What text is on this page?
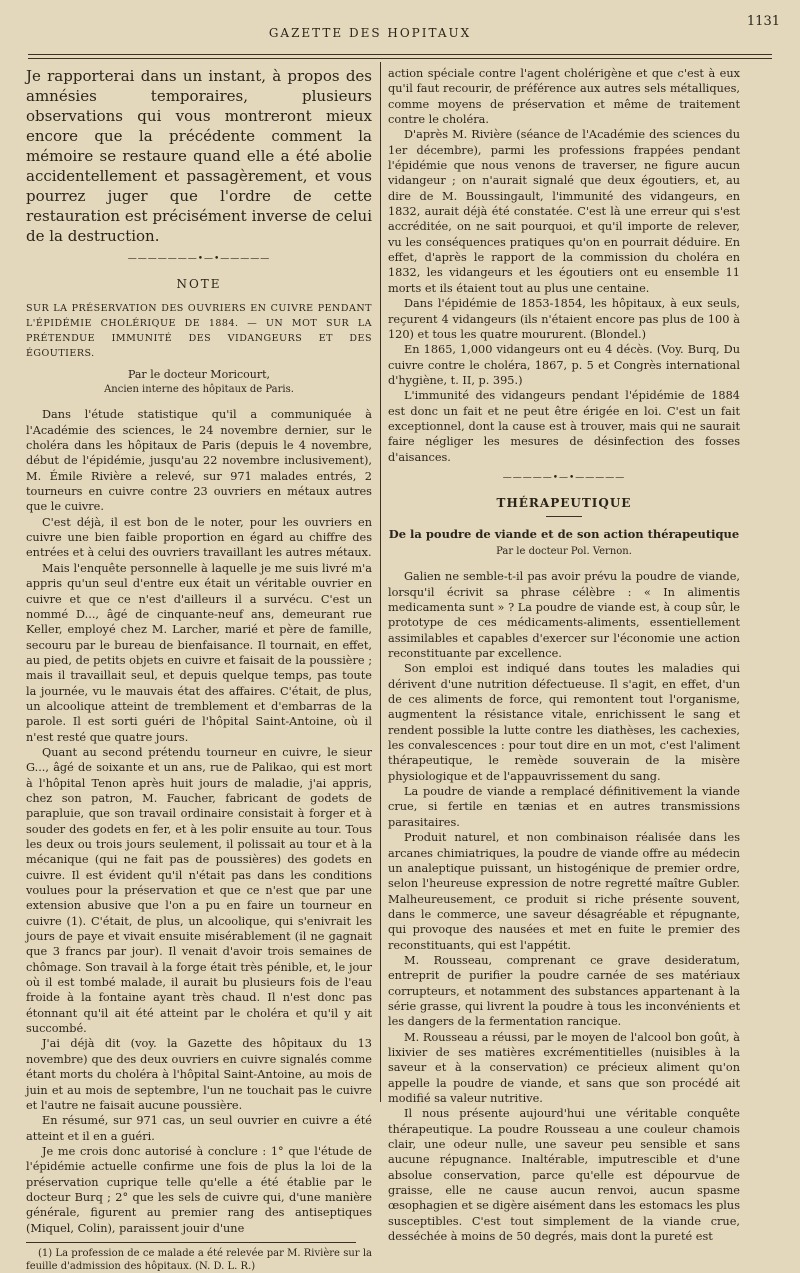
GAZETTE DES HOPITAUX
1131

Je rapporterai dans un instant, à propos des amnésies temporaires, plusieurs observations qui vous montreront mieux encore que la précédente comment la mémoire se restaure quand elle a été abolie accidentellement et passagèrement, et vous pourrez juger que l'ordre de cette restauration est précisément inverse de celui de la destruction.

———————•—•—————
NOTE
SUR LA PRÉSERVATION DES OUVRIERS EN CUIVRE PENDANT L'ÉPIDÉMIE CHOLÉRIQUE DE 1884. — UN MOT SUR LA PRÉTENDUE IMMUNITÉ DES VIDANGEURS ET DES ÉGOUTIERS.
Par le docteur Moricourt,
Ancien interne des hôpitaux de Paris.

Dans l'étude statistique qu'il a communiquée à l'Académie des sciences, le 24 novembre dernier, sur le choléra dans les hôpitaux de Paris (depuis le 4 novembre, début de l'épidémie, jusqu'au 22 novembre inclusivement), M. Émile Rivière a relevé, sur 971 malades entrés, 2 tourneurs en cuivre contre 23 ouvriers en métaux autres que le cuivre.

C'est déjà, il est bon de le noter, pour les ouvriers en cuivre une bien faible proportion en égard au chiffre des entrées et à celui des ouvriers travaillant les autres métaux.

Mais l'enquête personnelle à laquelle je me suis livré m'a appris qu'un seul d'entre eux était un véritable ouvrier en cuivre et que ce n'est d'ailleurs il a survécu. C'est un nommé D..., âgé de cinquante-neuf ans, demeurant rue Keller, employé chez M. Larcher, marié et père de famille, secouru par le bureau de bienfaisance. Il tournait, en effet, au pied, de petits objets en cuivre et faisait de la poussière ; mais il travaillait seul, et depuis quelque temps, pas toute la journée, vu le mauvais état des affaires. C'était, de plus, un alcoolique atteint de tremblement et d'embarras de la parole. Il est sorti guéri de l'hôpital Saint-Antoine, où il n'est resté que quatre jours.

Quant au second prétendu tourneur en cuivre, le sieur G..., âgé de soixante et un ans, rue de Palikao, qui est mort à l'hôpital Tenon après huit jours de maladie, j'ai appris, chez son patron, M. Faucher, fabricant de godets de parapluie, que son travail ordinaire consistait à forger et à souder des godets en fer, et à les polir ensuite au tour. Tous les deux ou trois jours seulement, il polissait au tour et à la mécanique (qui ne fait pas de poussières) des godets en cuivre. Il est évident qu'il n'était pas dans les conditions voulues pour la préservation et que ce n'est que par une extension abusive que l'on a pu en faire un tourneur en cuivre (1). C'était, de plus, un alcoolique, qui s'enivrait les jours de paye et vivait ensuite misérablement (il ne gagnait que 3 francs par jour). Il venait d'avoir trois semaines de chômage. Son travail à la forge était très pénible, et, le jour où il est tombé malade, il aurait bu plusieurs fois de l'eau froide à la fontaine ayant très chaud. Il n'est donc pas étonnant qu'il ait été atteint par le choléra et qu'il y ait succombé.

J'ai déjà dit (voy. la Gazette des hôpitaux du 13 novembre) que des deux ouvriers en cuivre signalés comme étant morts du choléra à l'hôpital Saint-Antoine, au mois de juin et au mois de septembre, l'un ne touchait pas le cuivre et l'autre ne faisait aucune poussière.

En résumé, sur 971 cas, un seul ouvrier en cuivre a été atteint et il en a guéri.

Je me crois donc autorisé à conclure : 1° que l'étude de l'épidémie actuelle confirme une fois de plus la loi de la préservation cuprique telle qu'elle a été établie par le docteur Burq ; 2° que les sels de cuivre qui, d'une manière générale, figurent au premier rang des antiseptiques (Miquel, Colin), paraissent jouir d'une

(1) La profession de ce malade a été relevée par M. Rivière sur la feuille d'admission des hôpitaux. (N. D. L. R.)

action spéciale contre l'agent cholérigène et que c'est à eux qu'il faut recourir, de préférence aux autres sels métalliques, comme moyens de préservation et même de traitement contre le choléra.

D'après M. Rivière (séance de l'Académie des sciences du 1er décembre), parmi les professions frappées pendant l'épidémie que nous venons de traverser, ne figure aucun vidangeur ; on n'aurait signalé que deux égoutiers, et, au dire de M. Boussingault, l'immunité des vidangeurs, en 1832, aurait déjà été constatée. C'est là une erreur qui s'est accréditée, on ne sait pourquoi, et qu'il importe de relever, vu les conséquences pratiques qu'on en pourrait déduire. En effet, d'après le rapport de la commission du choléra en 1832, les vidangeurs et les égoutiers ont eu ensemble 11 morts et ils étaient tout au plus une centaine.

Dans l'épidémie de 1853-1854, les hôpitaux, à eux seuls, reçurent 4 vidangeurs (ils n'étaient encore pas plus de 100 à 120) et tous les quatre moururent. (Blondel.)

En 1865, 1,000 vidangeurs ont eu 4 décès. (Voy. Burq, Du cuivre contre le choléra, 1867, p. 5 et Congrès international d'hygiène, t. II, p. 395.)

L'immunité des vidangeurs pendant l'épidémie de 1884 est donc un fait et ne peut être érigée en loi. C'est un fait exceptionnel, dont la cause est à trouver, mais qui ne saurait faire négliger les mesures de désinfection des fosses d'aisances.

—————•—•—————
THÉRAPEUTIQUE
De la poudre de viande et de son action thérapeutique
Par le docteur Pol. Vernon.

Galien ne semble-t-il pas avoir prévu la poudre de viande, lorsqu'il écrivit sa phrase célèbre : « In alimentis medicamenta sunt » ? La poudre de viande est, à coup sûr, le prototype de ces médicaments-aliments, essentiellement assimilables et capables d'exercer sur l'économie une action reconstituante par excellence.

Son emploi est indiqué dans toutes les maladies qui dérivent d'une nutrition défectueuse. Il s'agit, en effet, d'un de ces aliments de force, qui remontent tout l'organisme, augmentent la résistance vitale, enrichissent le sang et rendent possible la lutte contre les diathèses, les cachexies, les convalescences : pour tout dire en un mot, c'est l'aliment thérapeutique, le remède souverain de la misère physiologique et de l'appauvrissement du sang.

La poudre de viande a remplacé définitivement la viande crue, si fertile en tænias et en autres transmissions parasitaires.

Produit naturel, et non combinaison réalisée dans les arcanes chimiatriques, la poudre de viande offre au médecin un analeptique puissant, un histogénique de premier ordre, selon l'heureuse expression de notre regretté maître Gubler. Malheureusement, ce produit si riche présente souvent, dans le commerce, une saveur désagréable et répugnante, qui provoque des nausées et met en fuite le premier des reconstituants, qui est l'appétit.

M. Rousseau, comprenant ce grave desideratum, entreprit de purifier la poudre carnée de ses matériaux corrupteurs, et notamment des substances appartenant à la série grasse, qui livrent la poudre à tous les inconvénients et les dangers de la fermentation rancique.

M. Rousseau a réussi, par le moyen de l'alcool bon goût, à lixivier de ses matières excrémentitielles (nuisibles à la saveur et à la conservation) ce précieux aliment qu'on appelle la poudre de viande, et sans que son procédé ait modifié sa valeur nutritive.

Il nous présente aujourd'hui une véritable conquête thérapeutique. La poudre Rousseau a une couleur chamois clair, une odeur nulle, une saveur peu sensible et sans aucune répugnance. Inaltérable, imputrescible et d'une absolue conservation, parce qu'elle est dépourvue de graisse, elle ne cause aucun renvoi, aucun spasme œsophagien et se digère aisément dans les estomacs les plus susceptibles. C'est tout simplement de la viande crue, desséchée à moins de 50 degrés, mais dont la pureté est
